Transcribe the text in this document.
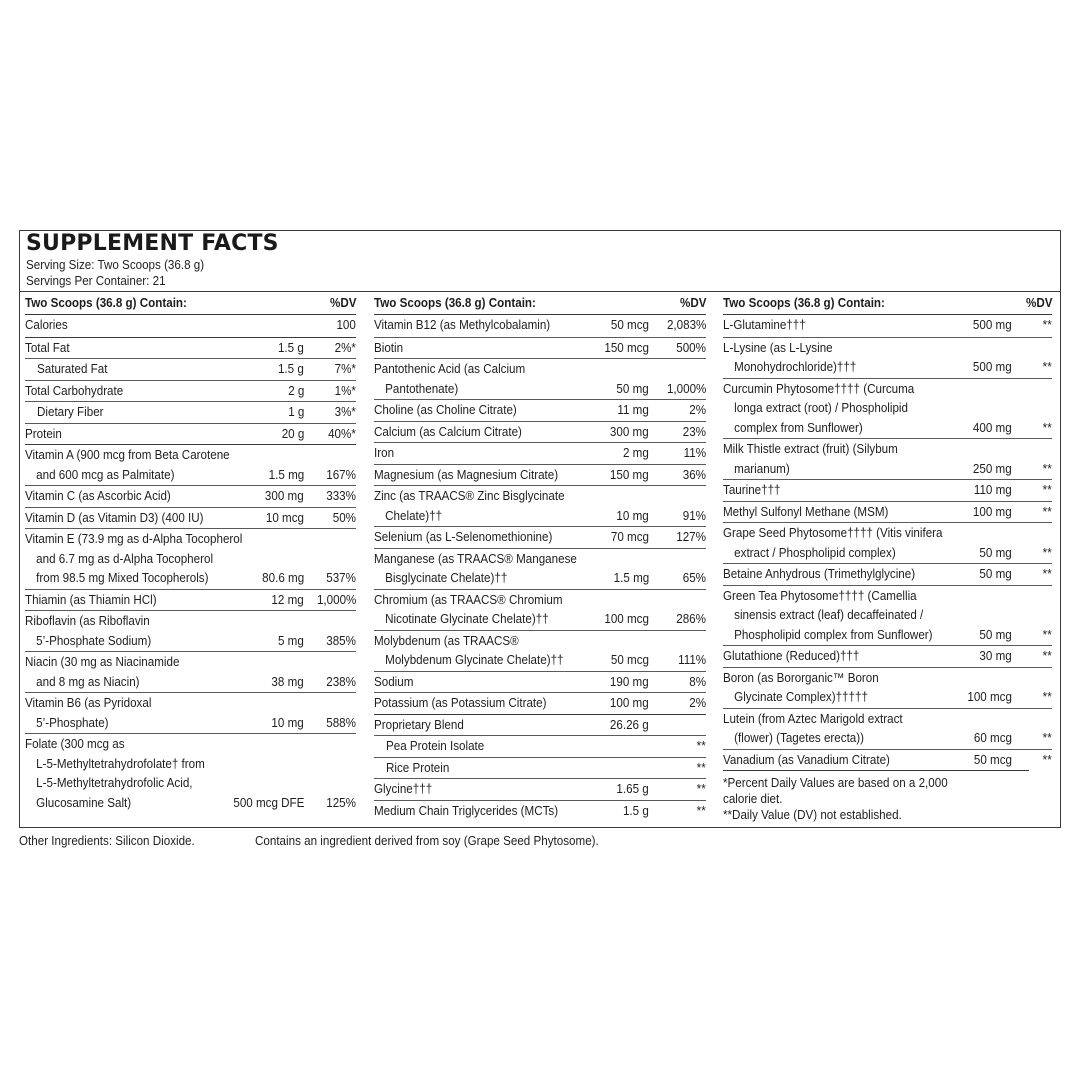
SUPPLEMENT FACTS
Serving Size: Two Scoops (36.8 g)
Servings Per Container: 21
Two Scoops (36.8 g) Contain:	%DV
Calories	100
Total Fat	1.5 g 2%*
Saturated Fat	1.5 g 7%*
Total Carbohydrate	2 g 1%*
Dietary Fiber	1 g 3%*
Protein	20 g 40%*
Vitamin A (900 mcg from Beta Carotene
and 600 mcg as Palmitate)	1.5 mg 167%
Vitamin C (as Ascorbic Acid)	300 mg 333%
Vitamin D (as Vitamin D3) (400 IU)	10 mcg 50%
Vitamin E (73.9 mg as d-Alpha Tocopherol
and 6.7 mg as d-Alpha Tocopherol
from 98.5 mg Mixed Tocopherols)	80.6 mg 537%
Thiamin (as Thiamin HCl)	12 mg 1,000%
Riboflavin (as Riboflavin
5’-Phosphate Sodium)	5 mg 385%
Niacin (30 mg as Niacinamide
and 8 mg as Niacin)	38 mg 238%
Vitamin B6 (as Pyridoxal
5’-Phosphate)	10 mg 588%
Folate (300 mcg as
L-5-Methyltetrahydrofolate† from
L-5-Methyltetrahydrofolic Acid,
Glucosamine Salt)	500 mcg DFE 125%
Two Scoops (36.8 g) Contain:	%DV
Vitamin B12 (as Methylcobalamin)	50 mcg 2,083%
Biotin	150 mcg 500%
Pantothenic Acid (as Calcium
Pantothenate)	50 mg 1,000%
Choline (as Choline Citrate)	11 mg	2%
Calcium (as Calcium Citrate)	300 mg	23%
Iron	2 mg	11%
Magnesium (as Magnesium Citrate)	150 mg	36%
Zinc (as TRAACS® Zinc Bisglycinate
Chelate)††	10 mg	91%
Selenium (as L-Selenomethionine)	70 mcg 127%
Manganese (as TRAACS® Manganese
Bisglycinate Chelate)††	1.5 mg	65%
Chromium (as TRAACS® Chromium
Nicotinate Glycinate Chelate)††	100 mcg 286%
Molybdenum (as TRAACS®
Molybdenum Glycinate Chelate)††	50 mcg 111%
Sodium	190 mg	8%
Potassium (as Potassium Citrate)	100 mg	2%
Proprietary Blend	26.26 g
Pea Protein Isolate	**
Rice Protein	**
Glycine†††	1.65 g	**
Medium Chain Triglycerides (MCTs)	1.5 g	**
Two Scoops (36.8 g) Contain:	%DV
L-Glutamine†††	500 mg **
L-Lysine (as L-Lysine
Monohydrochloride)†††	500 mg **
Curcumin Phytosome†††† (Curcuma
longa extract (root) / Phospholipid
complex from Sunflower)	400 mg **
Milk Thistle extract (fruit) (Silybum
marianum)	250 mg **
Taurine†††	110 mg **
Methyl Sulfonyl Methane (MSM)	100 mg **
Grape Seed Phytosome†††† (Vitis vinifera
extract / Phospholipid complex)	50 mg **
Betaine Anhydrous (Trimethylglycine)	50 mg **
Green Tea Phytosome†††† (Camellia
sinensis extract (leaf) decaffeinated /
Phospholipid complex from Sunflower)	50 mg **
Glutathione (Reduced)†††	30 mg **
Boron (as Bororganic™ Boron
Glycinate Complex)†††††	100 mcg **
Lutein (from Aztec Marigold extract
(flower) (Tagetes erecta))	60 mcg **
Vanadium (as Vanadium Citrate)	50 mcg **
*Percent Daily Values are based on a 2,000
calorie diet.
**Daily Value (DV) not established.
Other Ingredients: Silicon Dioxide.	Contains an ingredient derived from soy (Grape Seed Phytosome).
